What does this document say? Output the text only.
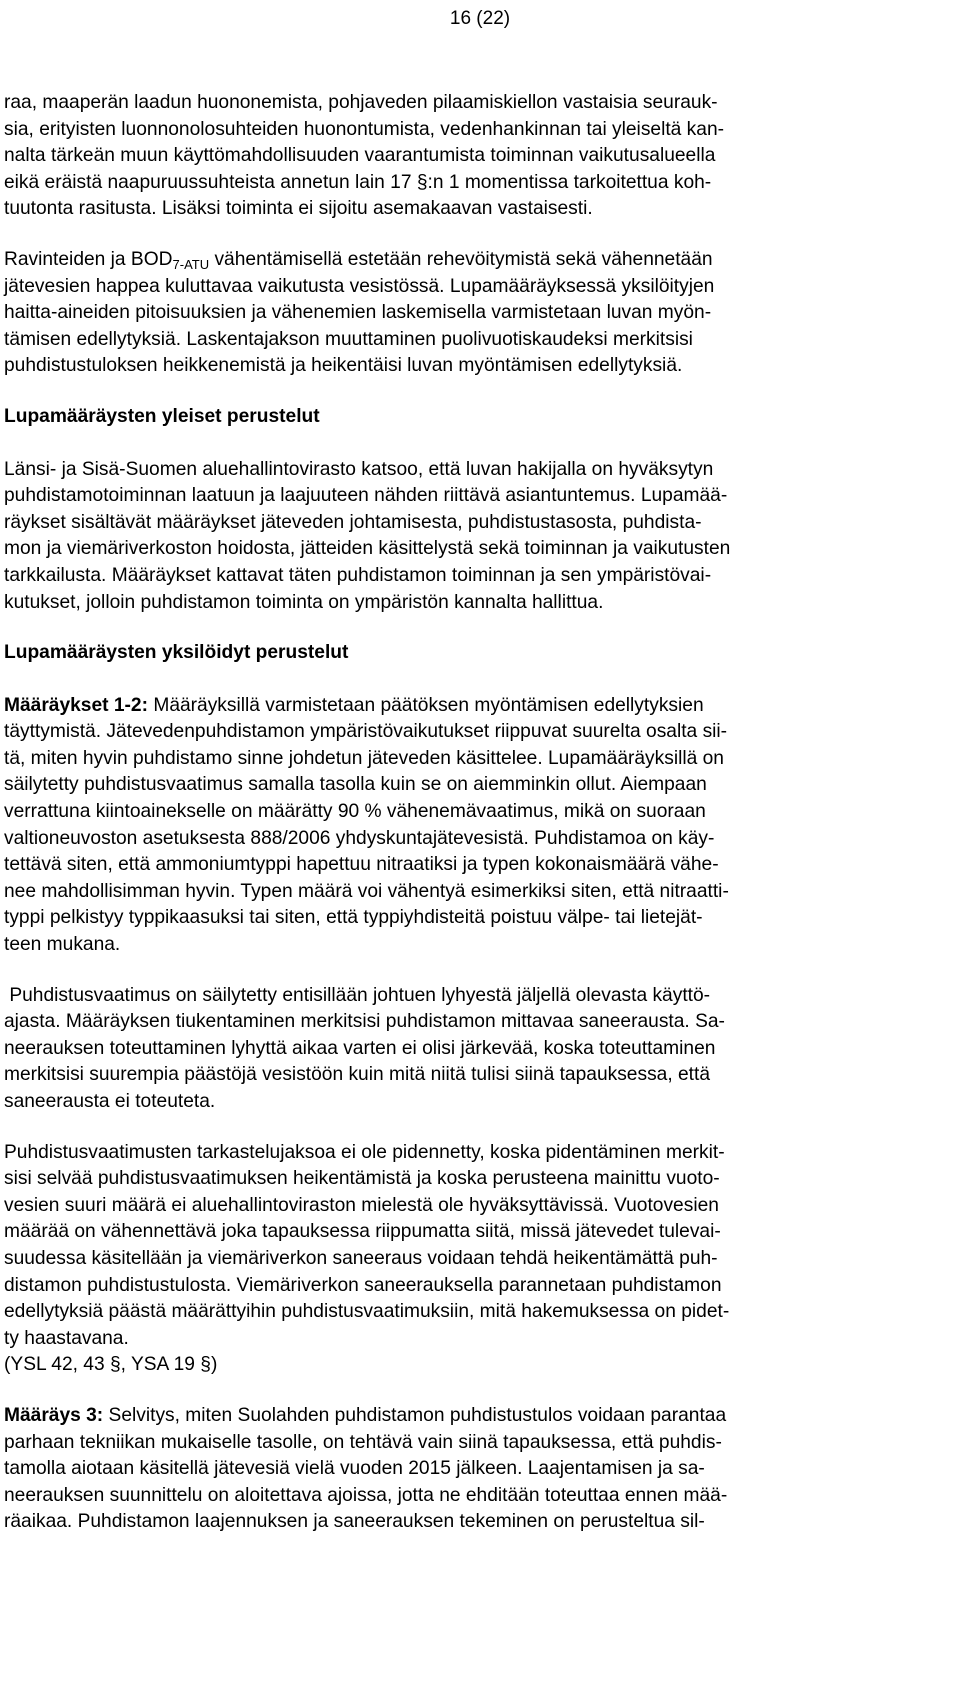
16 (22)
raa, maaperän laadun huononemista, pohjaveden pilaamiskiellon vastaisia seurauk-
sia, erityisten luonnonolosuhteiden huonontumista, vedenhankinnan tai yleiseltä kan-
nalta tärkeän muun käyttömahdollisuuden vaarantumista toiminnan vaikutusalueella
eikä eräistä naapuruussuhteista annetun lain 17 §:n 1 momentissa tarkoitettua koh-
tuutonta rasitusta. Lisäksi toiminta ei sijoitu asemakaavan vastaisesti.
Ravinteiden ja $BOD_{7-ATU}$ vähentämisellä estetään rehevöitymistä sekä vähennetään
jätevesien happea kuluttavaa vaikutusta vesistössä. Lupamääräyksessä yksilöityjen
haitta-aineiden pitoisuuksien ja vähenemien laskemisella varmistetaan luvan myön-
tämisen edellytyksiä. Laskentajakson muuttaminen puolivuotiskaudeksi merkitsisi
puhdistustuloksen heikkenemistä ja heikentäisi luvan myöntämisen edellytyksiä.
Lupamääräysten yleiset perustelut
Länsi- ja Sisä-Suomen aluehallintovirasto katsoo, että luvan hakijalla on hyväksytyn
puhdistamotoiminnan laatuun ja laajuuteen nähden riittävä asiantuntemus. Lupamää-
räykset sisältävät määräykset jäteveden johtamisesta, puhdistustasosta, puhdista-
mon ja viemäriverkoston hoidosta, jätteiden käsittelystä sekä toiminnan ja vaikutusten
tarkkailusta. Määräykset kattavat täten puhdistamon toiminnan ja sen ympäristövai-
kutukset, jolloin puhdistamon toiminta on ympäristön kannalta hallittua.
Lupamääräysten yksilöidyt perustelut
Määräykset 1-2: Määräyksillä varmistetaan päätöksen myöntämisen edellytyksien
täyttymistä. Jätevedenpuhdistamon ympäristövaikutukset riippuvat suurelta osalta sii-
tä, miten hyvin puhdistamo sinne johdetun jäteveden käsittelee. Lupamääräyksillä on
säilytetty puhdistusvaatimus samalla tasolla kuin se on aiemminkin ollut. Aiempaan
verrattuna kiintoainekselle on määrätty 90 % vähenemävaatimus, mikä on suoraan
valtioneuvoston asetuksesta 888/2006 yhdyskuntajätevesistä. Puhdistamoa on käy-
tettävä siten, että ammoniumtyppi hapettuu nitraatiksi ja typen kokonaismäärä vähe-
nee mahdollisimman hyvin. Typen määrä voi vähentyä esimerkiksi siten, että nitraatti-
typpi pelkistyy typpikaasuksi tai siten, että typpiyhdisteitä poistuu välpe- tai lietejät-
teen mukana.
Puhdistusvaatimus on säilytetty entisillään johtuen lyhyestä jäljellä olevasta käyttö-
ajasta. Määräyksen tiukentaminen merkitsisi puhdistamon mittavaa saneerausta. Sa-
neerauksen toteuttaminen lyhyttä aikaa varten ei olisi järkevää, koska toteuttaminen
merkitsisi suurempia päästöjä vesistöön kuin mitä niitä tulisi siinä tapauksessa, että
saneerausta ei toteuteta.
Puhdistusvaatimusten tarkastelujaksoa ei ole pidennetty, koska pidentäminen merkit-
sisi selvää puhdistusvaatimuksen heikentämistä ja koska perusteena mainittu vuoto-
vesien suuri määrä ei aluehallintoviraston mielestä ole hyväksyttävissä. Vuotovesien
määrää on vähennettävä joka tapauksessa riippumatta siitä, missä jätevedet tulevai-
suudessa käsitellään ja viemäriverkon saneeraus voidaan tehdä heikentämättä puh-
distamon puhdistustulosta. Viemäriverkon saneerauksella parannetaan puhdistamon
edellytyksiä päästä määrättyihin puhdistusvaatimuksiin, mitä hakemuksessa on pidet-
ty haastavana.
(YSL 42, 43 §, YSA 19 §)
Määräys 3: Selvitys, miten Suolahden puhdistamon puhdistustulos voidaan parantaa
parhaan tekniikan mukaiselle tasolle, on tehtävä vain siinä tapauksessa, että puhdis-
tamolla aiotaan käsitellä jätevesiä vielä vuoden 2015 jälkeen. Laajentamisen ja sa-
neerauksen suunnittelu on aloitettava ajoissa, jotta ne ehditään toteuttaa ennen mää-
räaikaa. Puhdistamon laajennuksen ja saneerauksen tekeminen on perusteltua sil-
